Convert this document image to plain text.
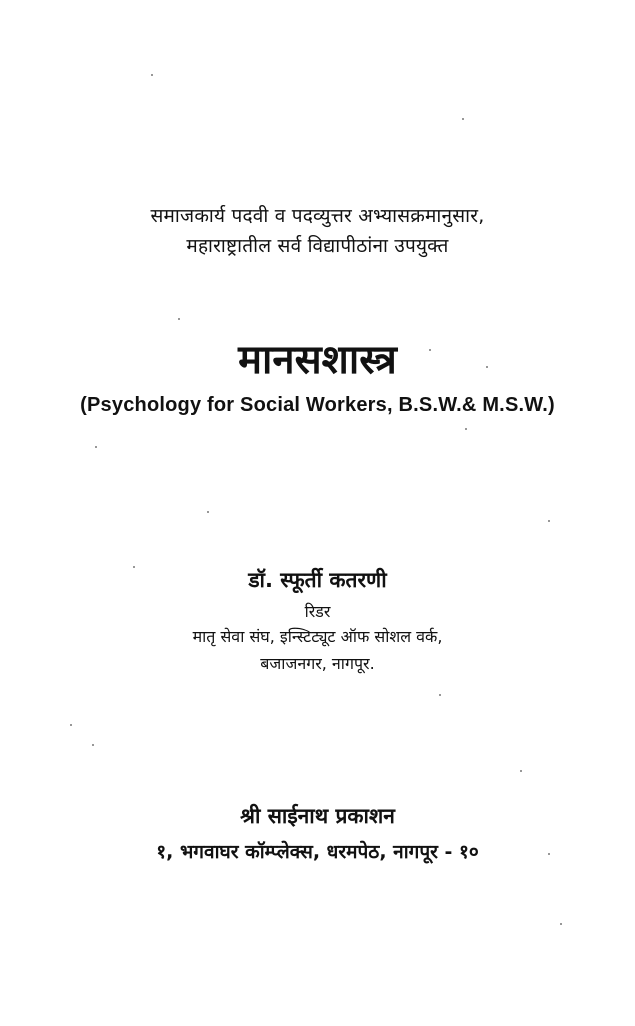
समाजकार्य पदवी व पदव्युत्तर अभ्यासक्रमानुसार,
महाराष्ट्रातील सर्व विद्यापीठांना उपयुक्त
मानसशास्त्र
(Psychology for Social Workers, B.S.W.& M.S.W.)
डॉ. स्फूर्ती कतरणी
रिडर
मातृ सेवा संघ, इन्स्टिट्यूट ऑफ सोशल वर्क,
बजाजनगर, नागपूर.
श्री साईनाथ प्रकाशन
१, भगवाघर कॉम्प्लेक्स, धरमपेठ, नागपूर - १०
